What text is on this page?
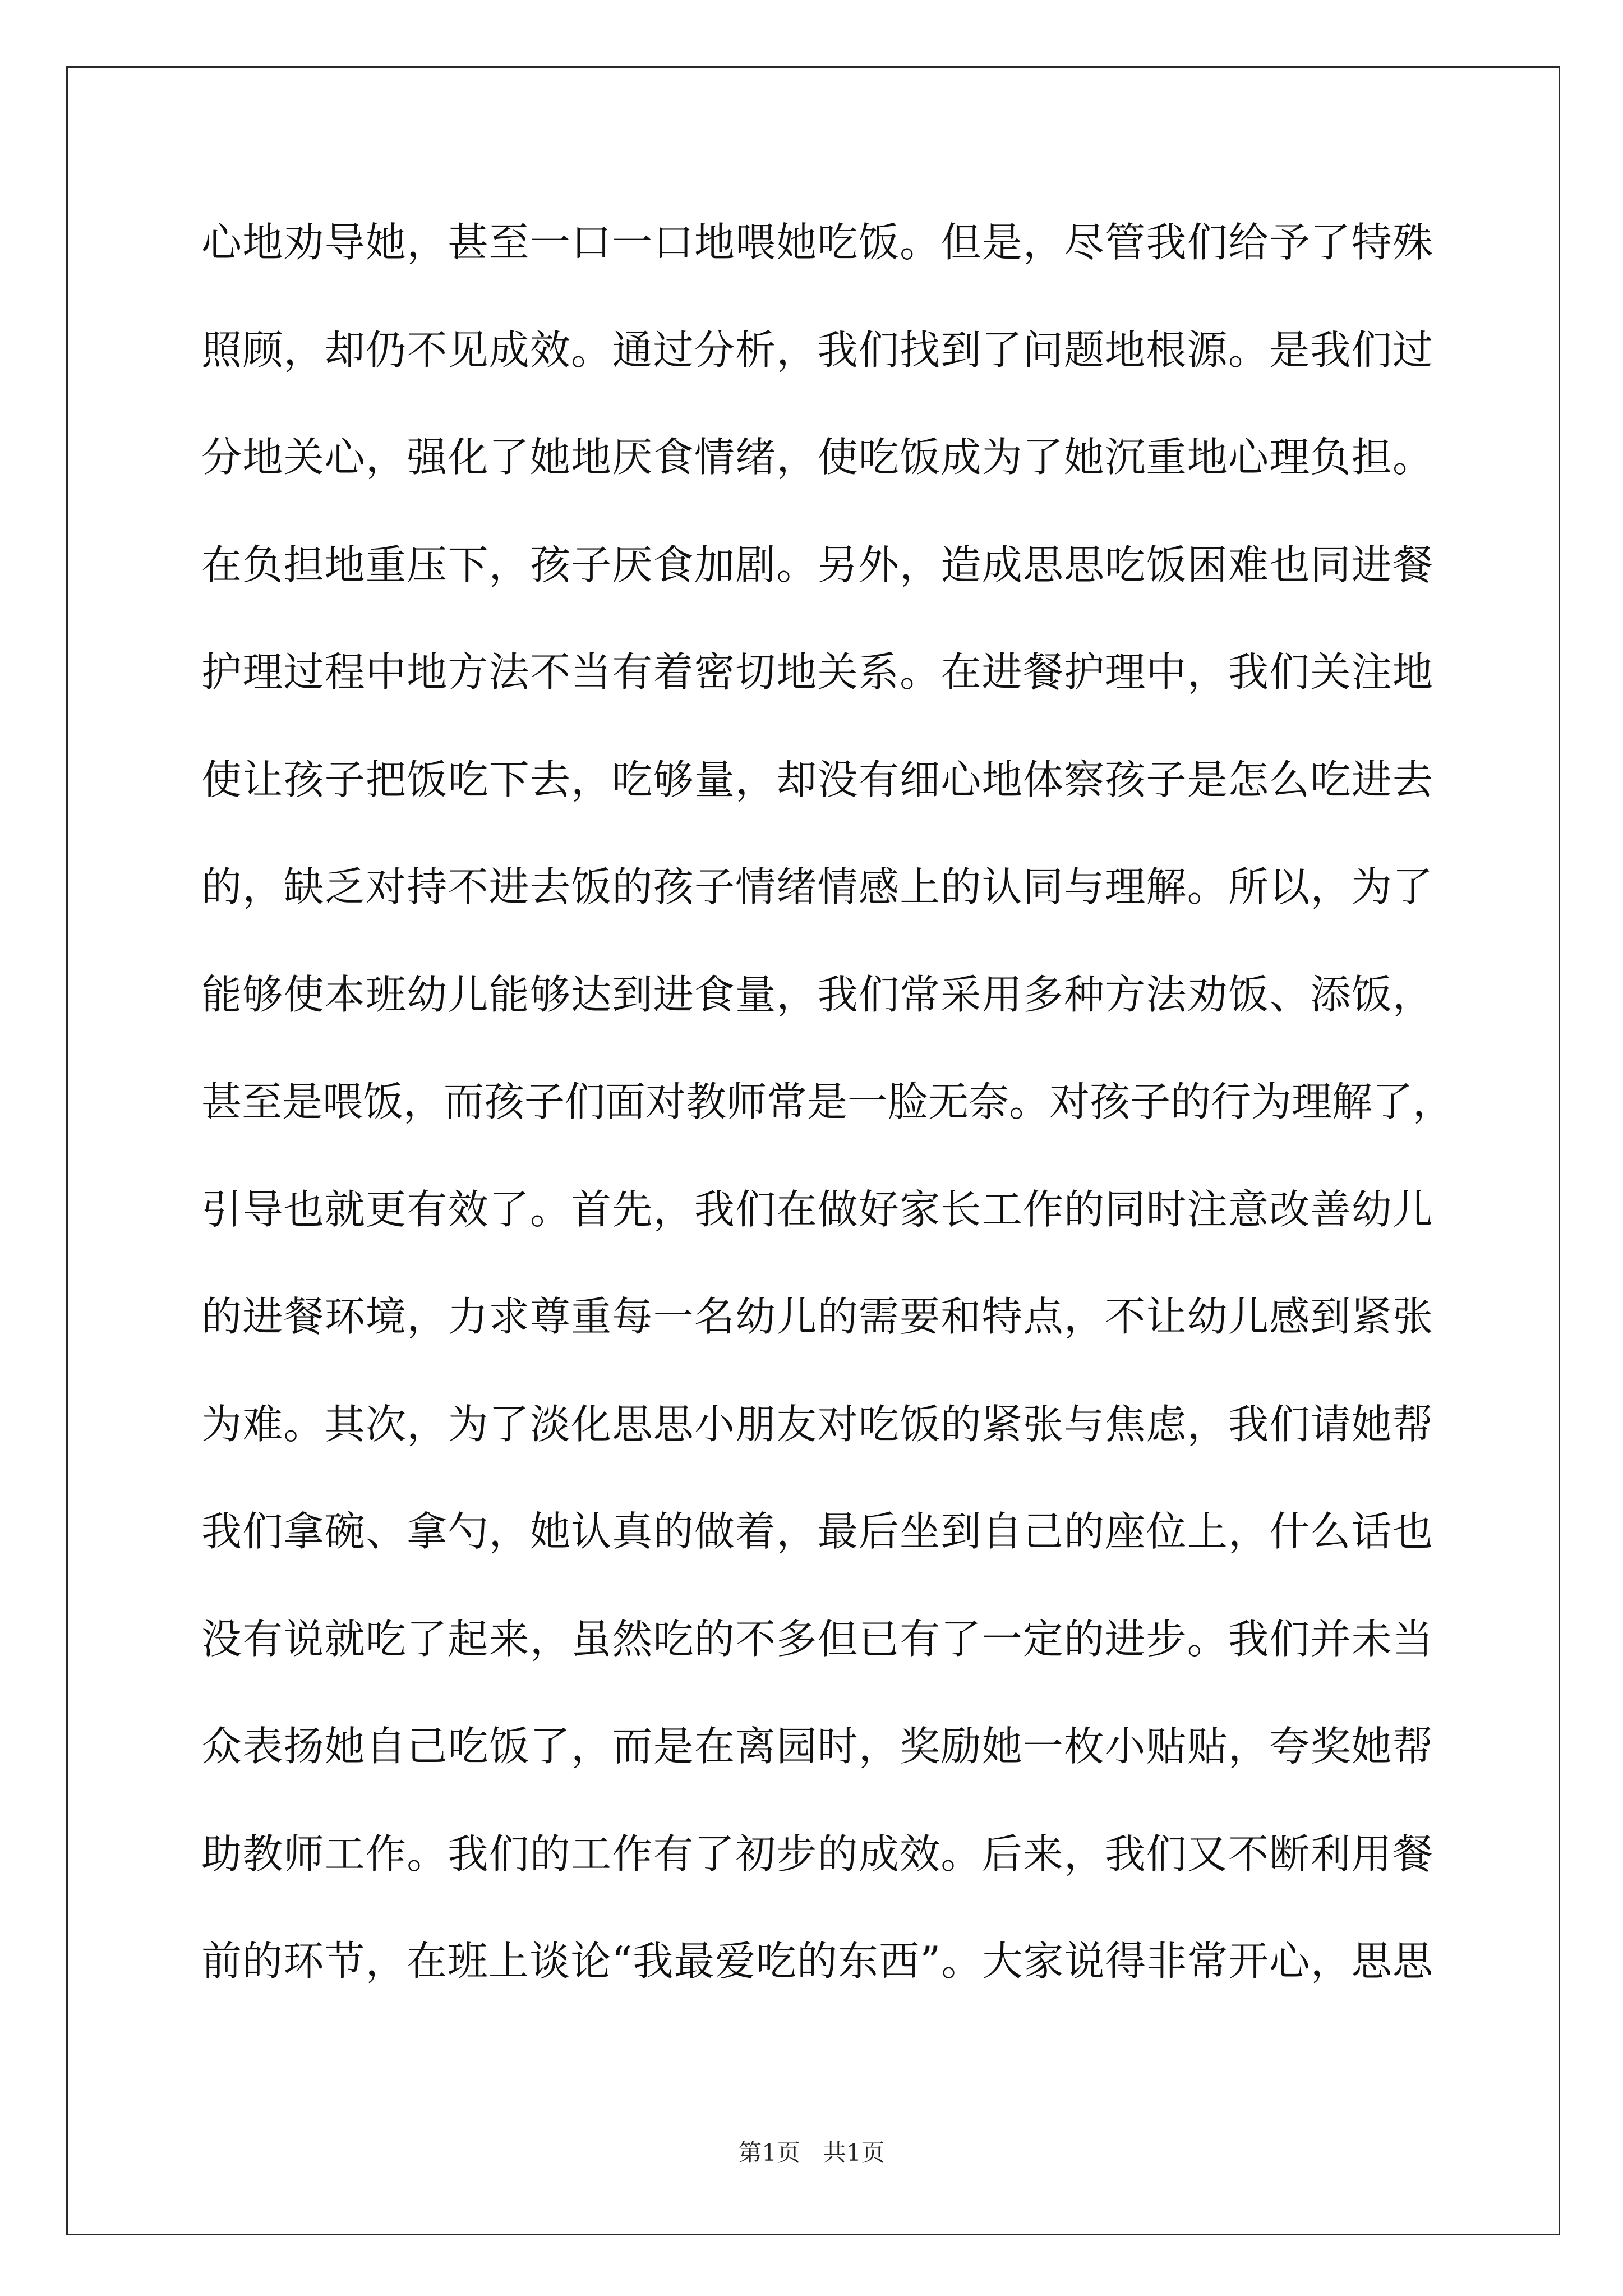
心地劝导她，甚至一口一口地喂她吃饭。但是，尽管我们给予了特殊
照顾，却仍不见成效。通过分析，我们找到了问题地根源。是我们过
分地关心，强化了她地厌食情绪，使吃饭成为了她沉重地心理负担。
在负担地重压下，孩子厌食加剧。另外，造成思思吃饭困难也同进餐
护理过程中地方法不当有着密切地关系。在进餐护理中，我们关注地
使让孩子把饭吃下去，吃够量，却没有细心地体察孩子是怎么吃进去
的，缺乏对持不进去饭的孩子情绪情感上的认同与理解。所以，为了
能够使本班幼儿能够达到进食量，我们常采用多种方法劝饭、添饭，
甚至是喂饭，而孩子们面对教师常是一脸无奈。对孩子的行为理解了，
引导也就更有效了。首先，我们在做好家长工作的同时注意改善幼儿
的进餐环境，力求尊重每一名幼儿的需要和特点，不让幼儿感到紧张
为难。其次，为了淡化思思小朋友对吃饭的紧张与焦虑，我们请她帮
我们拿碗、拿勺，她认真的做着，最后坐到自己的座位上，什么话也
没有说就吃了起来，虽然吃的不多但已有了一定的进步。我们并未当
众表扬她自己吃饭了，而是在离园时，奖励她一枚小贴贴，夸奖她帮
助教师工作。我们的工作有了初步的成效。后来，我们又不断利用餐
前的环节，在班上谈论“我最爱吃的东西”。大家说得非常开心，思思
第1页   共1页
